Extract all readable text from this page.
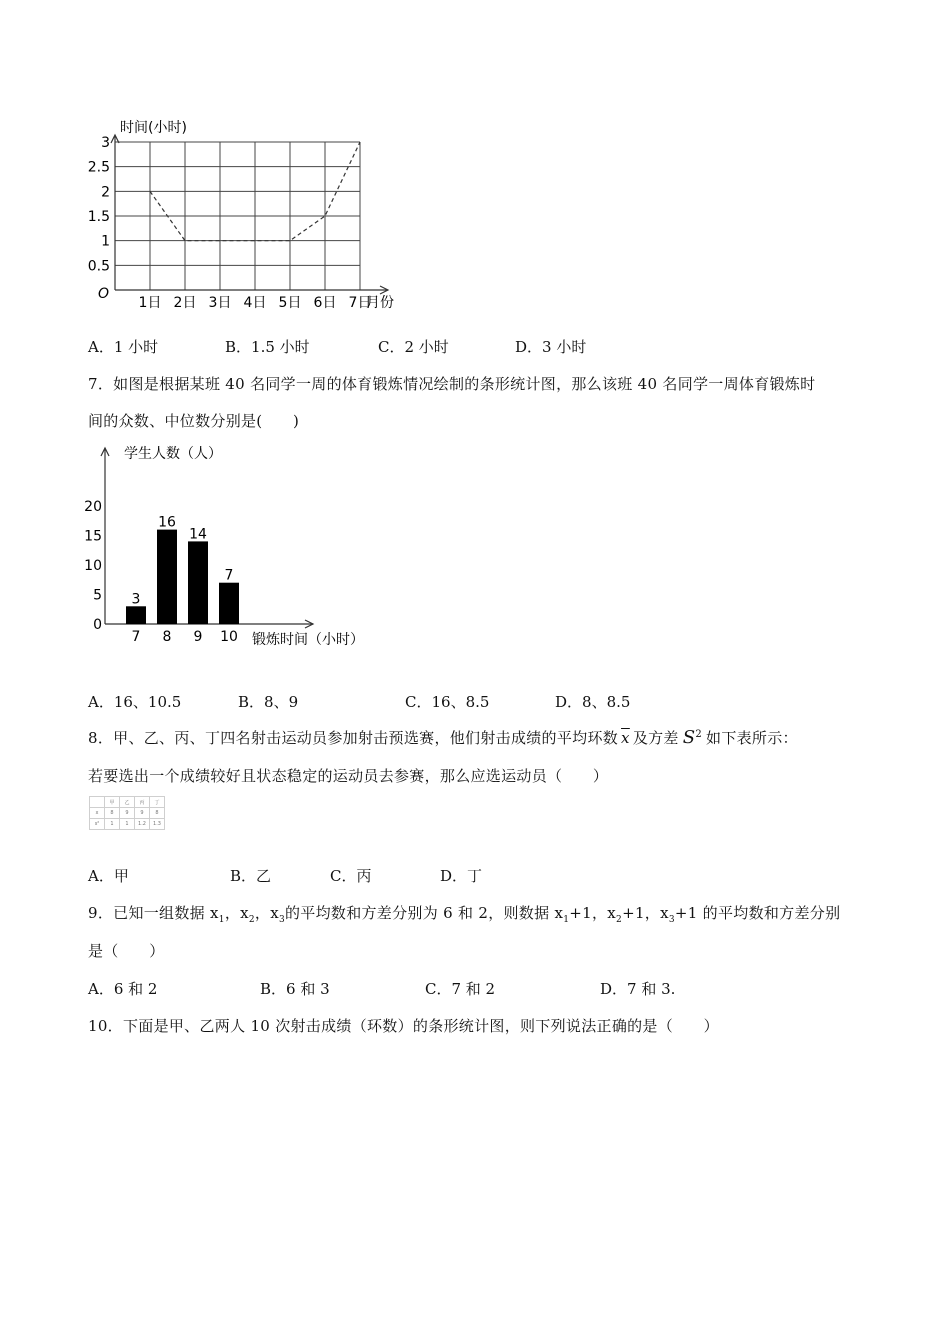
0.5
1
1.5
2
2.5
3
1日 2日 3日 4日 5日 6日 7日
时间(小时)
月份
O
A．1 小时	B．1.5 小时	C．2 小时	D．3 小时
7．如图是根据某班 40 名同学一周的体育锻炼情况绘制的条形统计图，那么该班 40 名同学一周体育锻炼时
间的众数、中位数分别是(　　)
0
5
10
15
20
7 8 9 10
3
16
14
7
学生人数（人）
锻炼时间（小时）
A．16、10.5	B．8、9	C．16、8.5	D．8、8.5
8．甲、乙、丙、丁四名射击运动员参加射击预选赛，他们射击成绩的平均环数 $\overline{x}$ 及方差 $S^2$ 如下表所示：
若要选出一个成绩较好且状态稳定的运动员去参赛，那么应选运动员（　　）
	甲	乙	丙	丁
x	8	9	9	8
s²	1	1	1.2	1.3
A．甲	B．乙	C．丙	D．丁
9．已知一组数据 $x_1$，$x_2$，$x_3$的平均数和方差分别为 6 和 2，则数据 $x_1+1$，$x_2+1$，$x_3+1$ 的平均数和方差分别
是（　　）
A．6 和 2	B．6 和 3	C．7 和 2	D．7 和 3.
10．下面是甲、乙两人 10 次射击成绩（环数）的条形统计图，则下列说法正确的是（　　）
